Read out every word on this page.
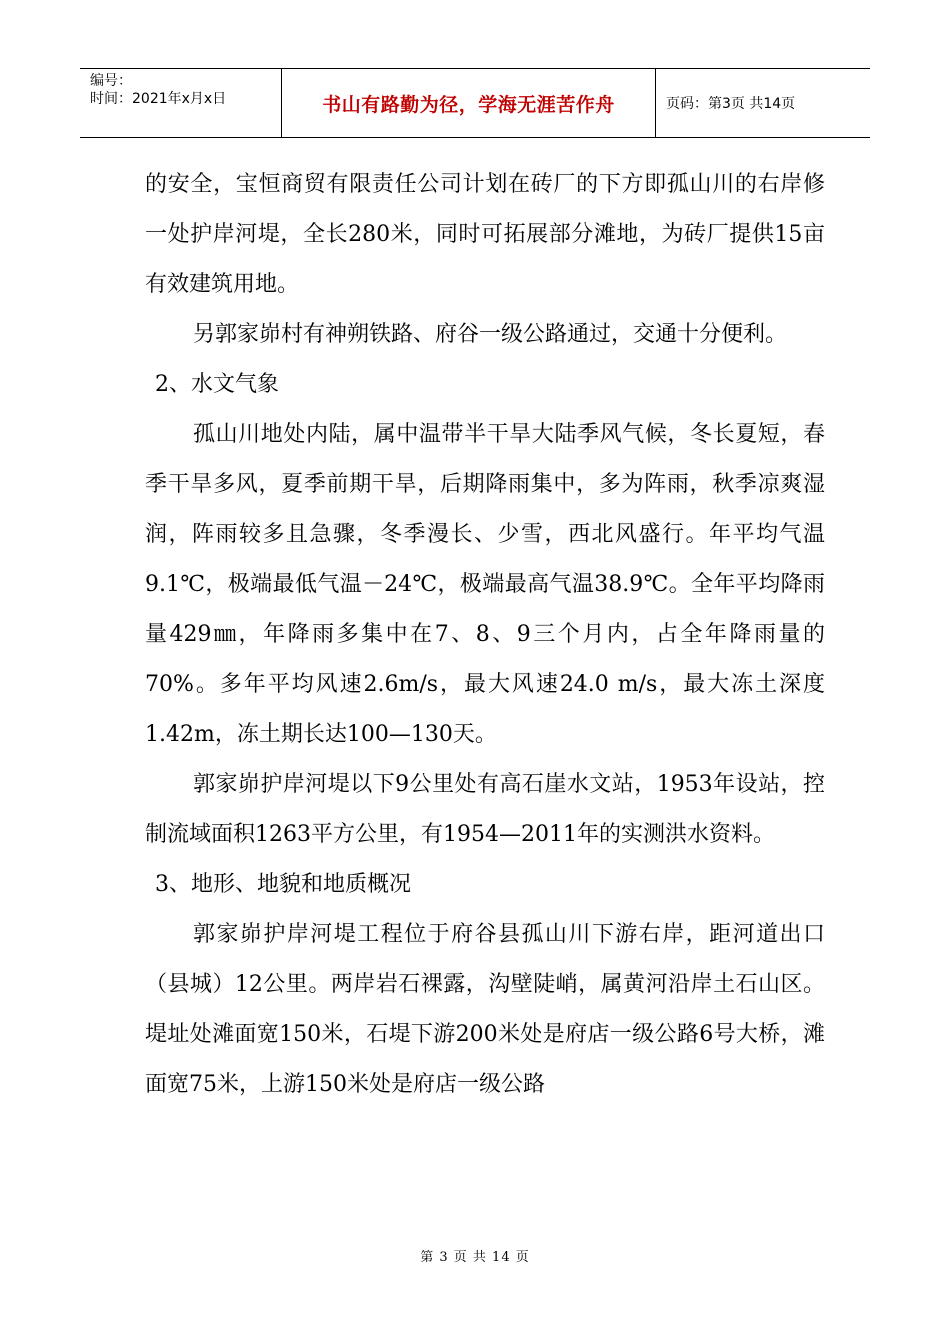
编号：
时间：2021年x月x日	书山有路勤为径，学海无涯苦作舟	页码：第3页 共14页

的安全，宝恒商贸有限责任公司计划在砖厂的下方即孤山川的右岸修一处护岸河堤，全长280米，同时可拓展部分滩地，为砖厂提供15亩有效建筑用地。

另郭家峁村有神朔铁路、府谷一级公路通过，交通十分便利。

2、水文气象

孤山川地处内陆，属中温带半干旱大陆季风气候，冬长夏短，春季干旱多风，夏季前期干旱，后期降雨集中，多为阵雨，秋季凉爽湿润，阵雨较多且急骤，冬季漫长、少雪，西北风盛行。年平均气温9.1℃，极端最低气温－24℃，极端最高气温38.9℃。全年平均降雨量429㎜，年降雨多集中在7、8、9三个月内，占全年降雨量的70%。多年平均风速2.6m/s，最大风速24.0 m/s，最大冻土深度1.42m，冻土期长达100—130天。

郭家峁护岸河堤以下9公里处有高石崖水文站，1953年设站，控制流域面积1263平方公里，有1954—2011年的实测洪水资料。

3、地形、地貌和地质概况

郭家峁护岸河堤工程位于府谷县孤山川下游右岸，距河道出口（县城）12公里。两岸岩石裸露，沟壁陡峭，属黄河沿岸土石山区。堤址处滩面宽150米，石堤下游200米处是府店一级公路6号大桥，滩面宽75米，上游150米处是府店一级公路

第 3 页 共 14 页
